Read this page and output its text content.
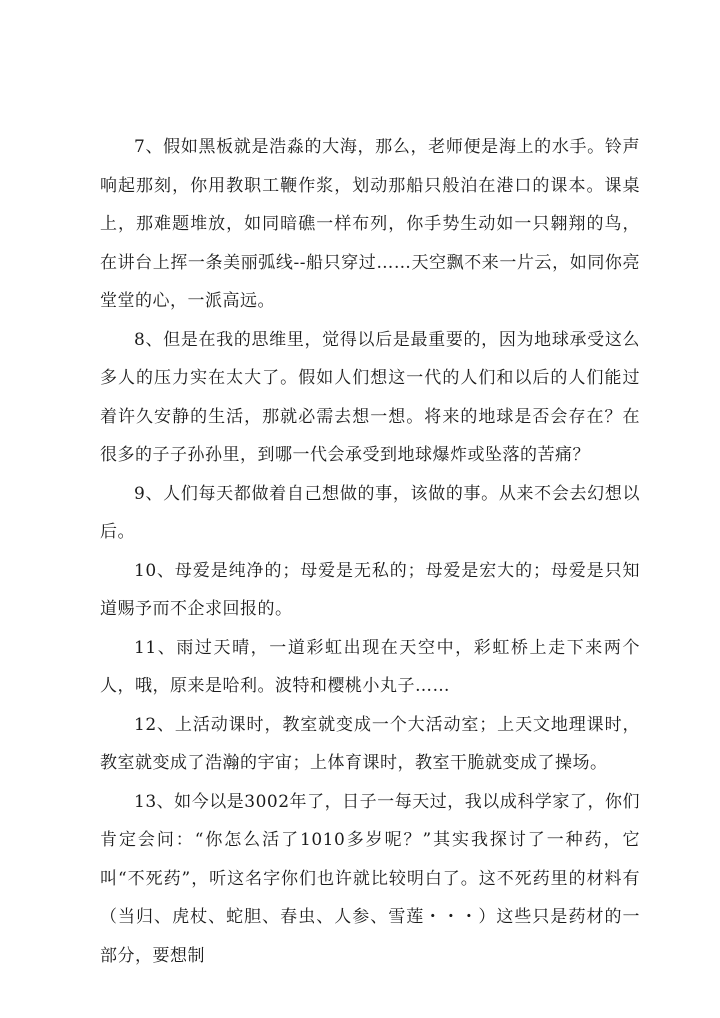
7、假如黑板就是浩淼的大海，那么，老师便是海上的水手。铃声响起那刻，你用教职工鞭作浆，划动那船只般泊在港口的课本。课桌上，那难题堆放，如同暗礁一样布列，你手势生动如一只翱翔的鸟，在讲台上挥一条美丽弧线--船只穿过……天空飘不来一片云，如同你亮堂堂的心，一派高远。

8、但是在我的思维里，觉得以后是最重要的，因为地球承受这么多人的压力实在太大了。假如人们想这一代的人们和以后的人们能过着许久安静的生活，那就必需去想一想。将来的地球是否会存在？在很多的子子孙孙里，到哪一代会承受到地球爆炸或坠落的苦痛？

9、人们每天都做着自己想做的事，该做的事。从来不会去幻想以后。

10、母爱是纯净的；母爱是无私的；母爱是宏大的；母爱是只知道赐予而不企求回报的。

11、雨过天晴，一道彩虹出现在天空中，彩虹桥上走下来两个人，哦，原来是哈利。波特和樱桃小丸子……

12、上活动课时，教室就变成一个大活动室；上天文地理课时，教室就变成了浩瀚的宇宙；上体育课时，教室干脆就变成了操场。

13、如今以是3002年了，日子一每天过，我以成科学家了，你们肯定会问：“你怎么活了1010多岁呢？”其实我探讨了一种药，它叫“不死药”，听这名字你们也许就比较明白了。这不死药里的材料有（当归、虎杖、蛇胆、春虫、人参、雪莲・・・）这些只是药材的一部分，要想制
